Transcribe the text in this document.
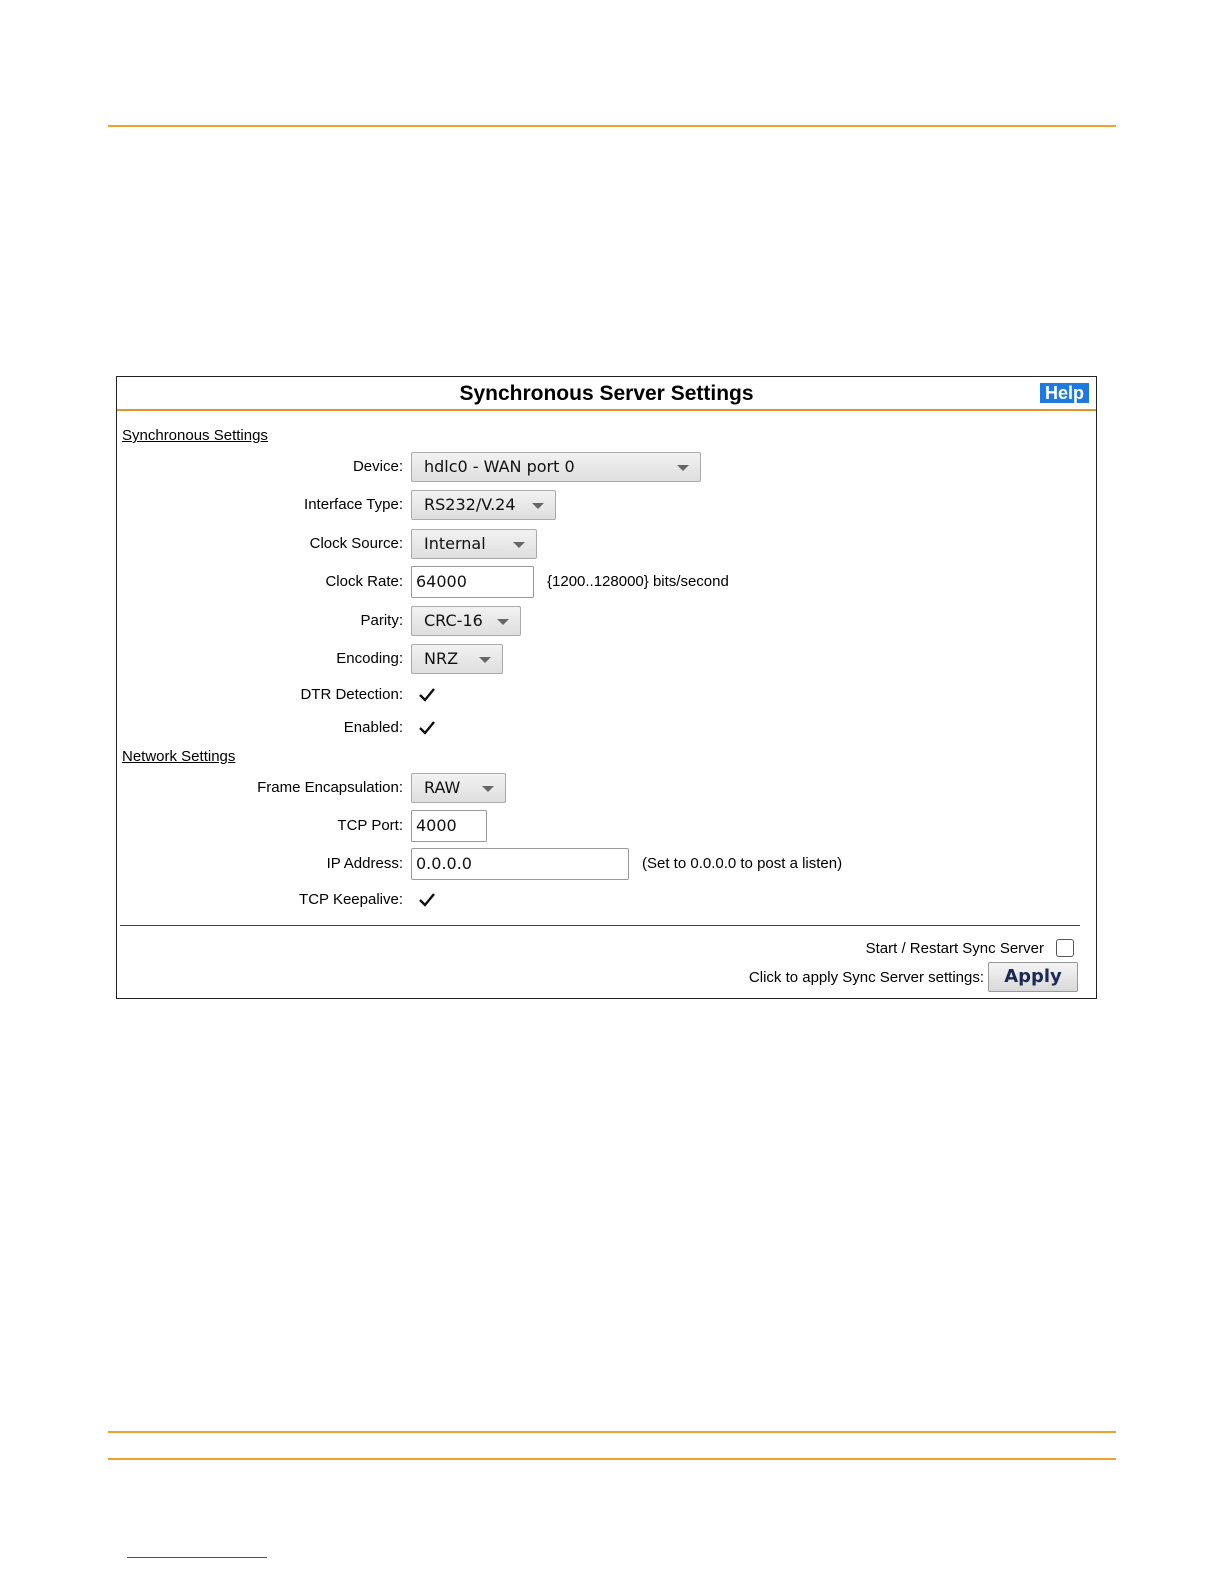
Synchronous Server Settings	Help
Synchronous Settings
Device:	hdlc0 - WAN port 0
Interface Type:	RS232/V.24
Clock Source:	Internal
Clock Rate: 64000	{1200..128000} bits/second
Parity:	CRC-16
Encoding:	NRZ
DTR Detection:
Enabled:
Network Settings
Frame Encapsulation:	RAW
TCP Port: 4000
IP Address: 0.0.0.0	(Set to 0.0.0.0 to post a listen)
TCP Keepalive:
Start / Restart Sync Server
Click to apply Sync Server settings:	Apply
